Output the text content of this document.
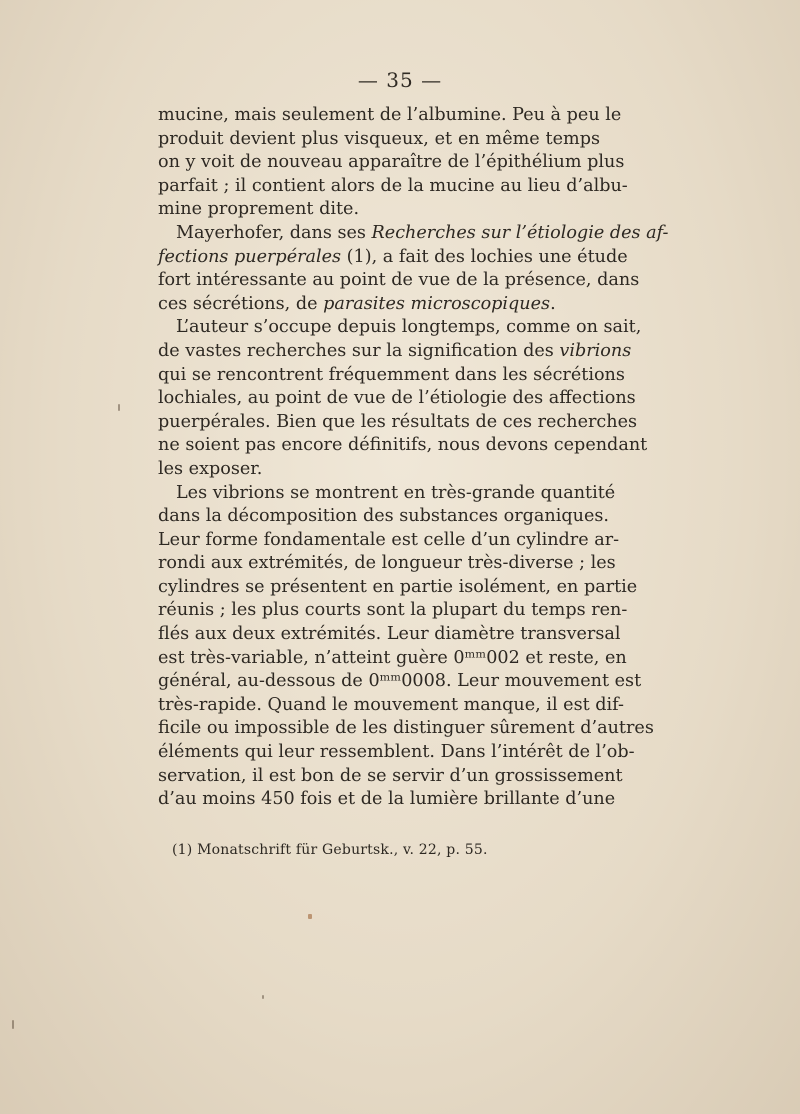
— 35 —
mucine, mais seulement de l’albumine. Peu à peu le
produit devient plus visqueux, et en même temps
on y voit de nouveau apparaître de l’épithélium plus
parfait ; il contient alors de la mucine au lieu d’albu-
mine proprement dite.
Mayerhofer, dans ses Recherches sur l’étiologie des af-
fections puerpérales (1), a fait des lochies une étude
fort intéressante au point de vue de la présence, dans
ces sécrétions, de parasites microscopiques.
L’auteur s’occupe depuis longtemps, comme on sait,
de vastes recherches sur la signification des vibrions
qui se rencontrent fréquemment dans les sécrétions
lochiales, au point de vue de l’étiologie des affections
puerpérales. Bien que les résultats de ces recherches
ne soient pas encore définitifs, nous devons cependant
les exposer.
Les vibrions se montrent en très-grande quantité
dans la décomposition des substances organiques.
Leur forme fondamentale est celle d’un cylindre ar-
rondi aux extrémités, de longueur très-diverse ; les
cylindres se présentent en partie isolément, en partie
réunis ; les plus courts sont la plupart du temps ren-
flés aux deux extrémités. Leur diamètre transversal
est très-variable, n’atteint guère 0ᵐᵐ002 et reste, en
général, au-dessous de 0ᵐᵐ0008. Leur mouvement est
très-rapide. Quand le mouvement manque, il est dif-
ficile ou impossible de les distinguer sûrement d’autres
éléments qui leur ressemblent. Dans l’intérêt de l’ob-
servation, il est bon de se servir d’un grossissement
d’au moins 450 fois et de la lumière brillante d’une
(1) Monatschrift für Geburtsk., v. 22, p. 55.
